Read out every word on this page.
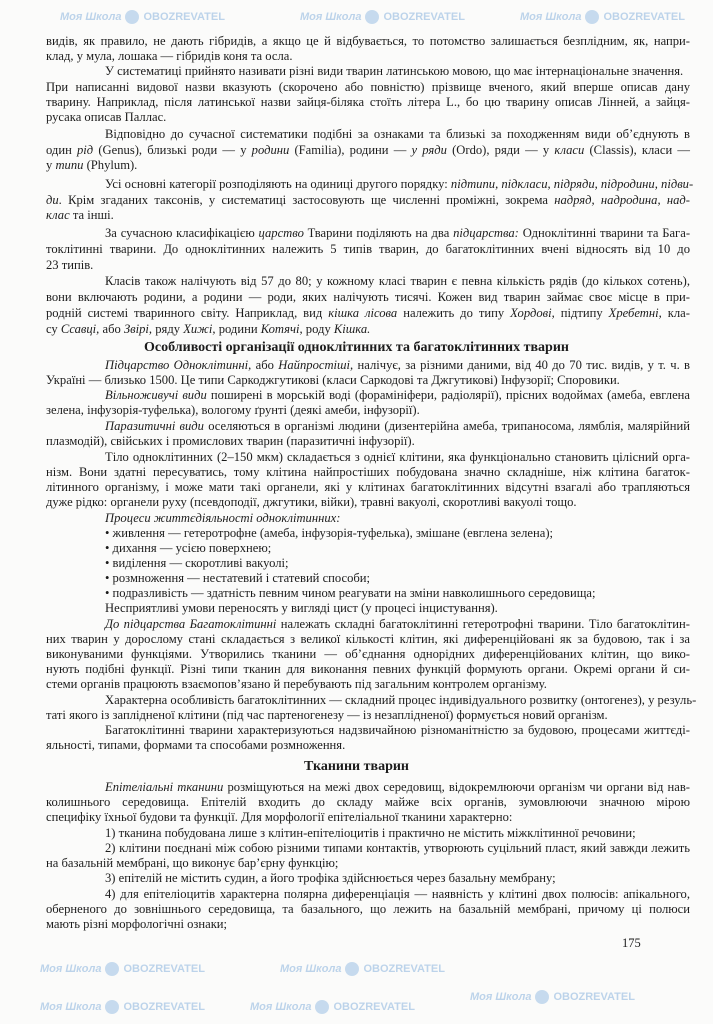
Особливості організації одноклітинних та багатоклітинних тварин
Тканини тварин
175
видів, як правило, не дають гібридів, а якщо це й відбувається, то потомство залишається безплідним, як, напри-
клад, у мула, лошака — гібридів коня та осла.
У систематиці прийнято називати різні види тварин латинською мовою, що має інтернаціональне значення.
При написанні видової назви вказують (скорочено або повністю) прізвище вченого, який вперше описав дану
тварину. Наприклад, після латинської назви зайця-біляка стоїть літера L., бо цю тварину описав Лінней, а зайця-
русака описав Паллас.
Відповідно до сучасної систематики подібні за ознаками та близькі за походженням види об’єднують в
один рід (Genus), близькі роди — у родини (Familia), родини — у ряди (Ordo), ряди — у класи (Classis), класи —
у типи (Phylum).
Усі основні категорії розподіляють на одиниці другого порядку: підтипи, підкласи, підряди, підродини, підви-
ди. Крім згаданих таксонів, у систематиці застосовують ще численні проміжні, зокрема надряд, надродина, над-
клас та інші.
За сучасною класифікацією царство Тварини поділяють на два підцарства: Одноклітинні тварини та Бага-
токлітинні тварини. До одноклітинних належить 5 типів тварин, до багатоклітинних вчені відносять від 10 до
23 типів.
Класів також налічують від 57 до 80; у кожному класі тварин є певна кількість рядів (до кількох сотень),
вони включають родини, а родини — роди, яких налічують тисячі. Кожен вид тварин займає своє місце в при-
родній системі тваринного світу. Наприклад, вид кішка лісова належить до типу Хордові, підтипу Хребетні, кла-
су Ссавці, або Звірі, ряду Хижі, родини Котячі, роду Кішка.
Підцарство Одноклітинні, або Найпростіші, налічує, за різними даними, від 40 до 70 тис. видів, у т. ч. в
Україні — близько 1500. Це типи Саркоджгутикові (класи Саркодові та Джгутикові) Інфузорії; Споровики.
Вільноживучі види поширені в морській воді (форамініфери, радіолярії), прісних водоймах (амеба, евглена
зелена, інфузорія-туфелька), вологому ґрунті (деякі амеби, інфузорії).
Паразитичні види оселяються в організмі людини (дизентерійна амеба, трипаносома, лямблія, малярійний
плазмодій), свійських і промислових тварин (паразитичні інфузорії).
Тіло одноклітинних (2–150 мкм) складається з однієї клітини, яка функціонально становить цілісний орга-
нізм. Вони здатні пересуватись, тому клітина найпростіших побудована значно складніше, ніж клітина багаток-
літинного організму, і може мати такі органели, які у клітинах багатоклітинних відсутні взагалі або трапляються
дуже рідко: органели руху (псевдоподії, джгутики, війки), травні вакуолі, скоротливі вакуолі тощо.
Процеси життєдіяльності одноклітинних:
• живлення — гетеротрофне (амеба, інфузорія-туфелька), змішане (евглена зелена);
• дихання — усією поверхнею;
• виділення — скоротливі вакуолі;
• розмноження — нестатевий і статевий способи;
• подразливість — здатність певним чином реагувати на зміни навколишнього середовища;
Несприятливі умови переносять у вигляді цист (у процесі інцистування).
До підцарства Багатоклітинні належать складні багатоклітинні гетеротрофні тварини. Тіло багатоклітин-
них тварин у дорослому стані складається з великої кількості клітин, які диференційовані як за будовою, так і за
виконуваними функціями. Утворились тканини — об’єднання однорідних диференційованих клітин, що вико-
нують подібні функції. Різні типи тканин для виконання певних функцій формують органи. Окремі органи й си-
стеми органів працюють взаємопов’язано й перебувають під загальним контролем організму.
Характерна особливість багатоклітинних — складний процес індивідуального розвитку (онтогенез), у резуль-
таті якого із заплідненої клітини (під час партеногенезу — із незаплідненої) формується новий організм.
Багатоклітинні тварини характеризуються надзвичайною різноманітністю за будовою, процесами життєді-
яльності, типами, формами та способами розмноження.
Епітеліальні тканини розміщуються на межі двох середовищ, відокремлюючи організм чи органи від нав-
колишнього середовища. Епітелій входить до складу майже всіх органів, зумовлюючи значною мірою
специфіку їхньої будови та функції. Для морфології епітеліальної тканини характерно:
1) тканина побудована лише з клітин-епітеліоцитів і практично не містить міжклітинної речовини;
2) клітини поєднані між собою різними типами контактів, утворюють суцільний пласт, який завжди лежить
на базальній мембрані, що виконує бар’єрну функцію;
3) епітелій не містить судин, а його трофіка здійснюється через базальну мембрану;
4) для епітеліоцитів характерна полярна диференціація — наявність у клітині двох полюсів: апікального,
оберненого до зовнішнього середовища, та базального, що лежить на базальній мембрані, причому ці полюси
мають різні морфологічні ознаки;
Моя Школа OBOZREVATEL	Моя Школа OBOZREVATEL	Моя Школа OBOZREVATEL
Моя Школа OBOZREVATEL	Моя Школа OBOZREVATEL
Моя Школа OBOZREVATEL
Моя Школа OBOZREVATEL	Моя Школа OBOZREVATEL
